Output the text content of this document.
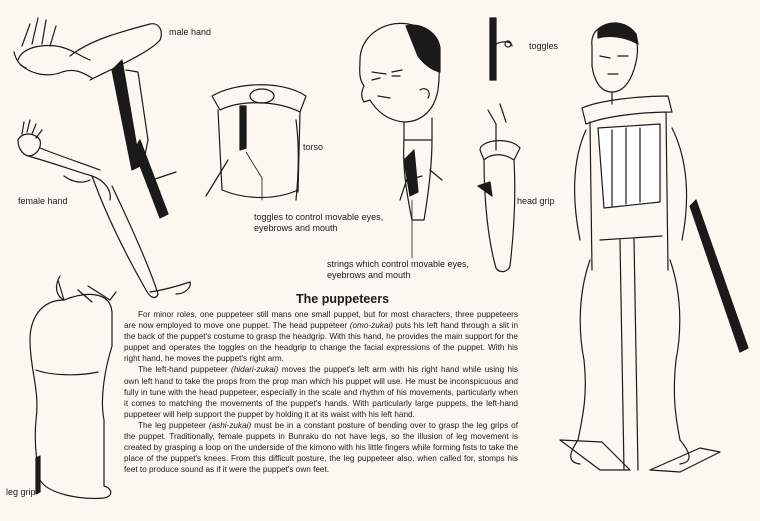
male hand
toggles
torso
female hand	head grip
toggles to control movable eyes, eyebrows and mouth
strings which control movable eyes, eyebrows and mouth
leg grip
The puppeteers

For minor roles, one puppeteer still mans one small puppet, but for most characters, three puppeteers are now employed to move one puppet. The head puppeteer (omo-zukai) puts his left hand through a slit in the back of the puppet's costume to grasp the headgrip. With this hand, he provides the main support for the puppet and operates the toggles on the headgrip to change the facial expressions of the puppet. With his right hand, he moves the puppet's right arm.

The left-hand puppeteer (hidari-zukai) moves the puppet's left arm with his right hand while using his own left hand to take the props from the prop man which his puppet will use. He must be inconspicuous and fully in tune with the head puppeteer, especially in the scale and rhythm of his movements, particularly when it comes to matching the movements of the puppet's hands. With particularly large puppets, the left-hand puppeteer will help support the puppet by holding it at its waist with his left hand.

The leg puppeteer (ashi-zukai) must be in a constant posture of bending over to grasp the leg grips of the puppet. Traditionally, female puppets in Bunraku do not have legs, so the illusion of leg movement is created by grasping a loop on the underside of the kimono with his little fingers while forming fists to take the place of the puppet's knees. From this difficult posture, the leg puppeteer also, when called for, stomps his feet to produce sound as if it were the puppet's own feet.
